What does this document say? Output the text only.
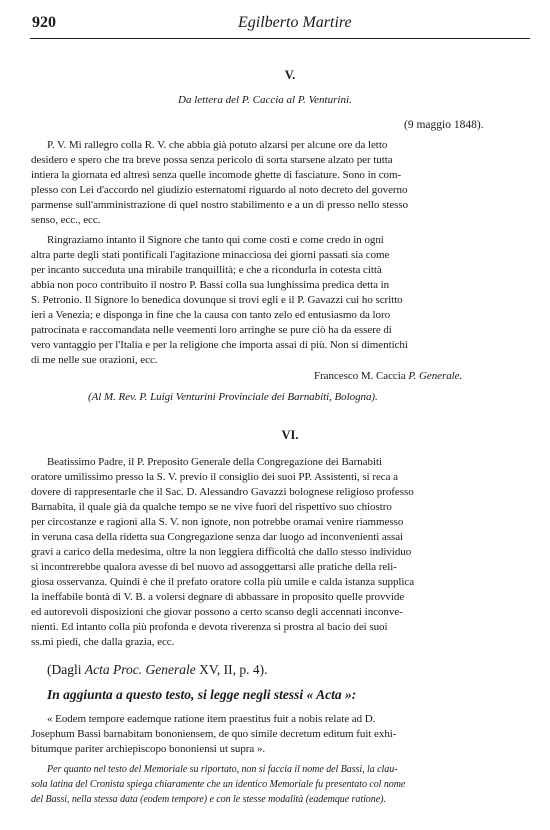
920	Egilberto Martire
V.
Da lettera del P. Caccia al P. Venturini.
(9 maggio 1848).
P. V. Mi rallegro colla R. V. che abbia già potuto alzarsi per alcune ore da letto
desidero e spero che tra breve possa senza pericolo di sorta starsene alzato per tutta
intiera la giornata ed altresì senza quelle incomode ghette di fasciature. Sono in com-
plesso con Lei d'accordo nel giudizio esternatomi riguardo al noto decreto del governo
parmense sull'amministrazione di quel nostro stabilimento e a un di presso nello stesso
senso, ecc., ecc.
Ringraziamo intanto il Signore che tanto qui come costì e come credo in ogni
altra parte degli stati pontificali l'agitazione minacciosa dei giorni passati sia come
per incanto succeduta una mirabile tranquillità; e che a ricondurla in cotesta città
abbia non poco contribuito il nostro P. Bassi colla sua lunghissima predica detta in
S. Petronio. Il Signore lo benedica dovunque si trovi egli e il P. Gavazzi cui ho scritto
ieri a Venezia; e disponga in fine che la causa con tanto zelo ed entusiasmo da loro
patrocinata e raccomandata nelle veementi loro arringhe se pure ciò ha da essere di
vero vantaggio per l'Italia e per la religione che importa assai di più. Non si dimentichi
di me nelle sue orazioni, ecc.
Francesco M. Caccia P. Generale.
(Al M. Rev. P. Luigi Venturini Provinciale dei Barnabiti, Bologna).
VI.
Beatissimo Padre, il P. Preposito Generale della Congregazione dei Barnabiti
oratore umilissimo presso la S. V. previo il consiglio dei suoi PP. Assistenti, si reca a
dovere di rappresentarle che il Sac. D. Alessandro Gavazzi bolognese religioso professo
Barnabita, il quale già da qualche tempo se ne vive fuori del rispettivo suo chiostro
per circostanze e ragioni alla S. V. non ignote, non potrebbe oramai venire riammesso
in veruna casa della ridetta sua Congregazione senza dar luogo ad inconvenienti assai
gravi a carico della medesima, oltre la non leggiera difficoltà che dallo stesso individuo
si incontrerebbe qualora avesse di bel nuovo ad assoggettarsi alle pratiche della reli-
giosa osservanza. Quindi è che il prefato oratore colla più umile e calda istanza supplica
la ineffabile bontà di V. B. a volersi degnare di abbassare in proposito quelle provvide
ed autorevoli disposizioni che giovar possono a certo scanso degli accennati inconve-
nienti. Ed intanto colla più profonda e devota riverenza si prostra al bacio dei suoi
ss.mi piedi, che dalla grazia, ecc.
(Dagli Acta Proc. Generale XV, II, p. 4).
In aggiunta a questo testo, si legge negli stessi « Acta »:
« Eodem tempore eademque ratione item praestitus fuit a nobis relate ad D.
Josephum Bassi barnabitam bononiensem, de quo simile decretum editum fuit exhi-
bitumque pariter archiepiscopo bononiensi ut supra ».
Per quanto nel testo del Memoriale su riportato, non si faccia il nome del Bassi, la clau-
sola latina del Cronista spiega chiaramente che un identico Memoriale fu presentato col nome
del Bassi, nella stessa data (eodem tempore) e con le stesse modalità (eademque ratione).
